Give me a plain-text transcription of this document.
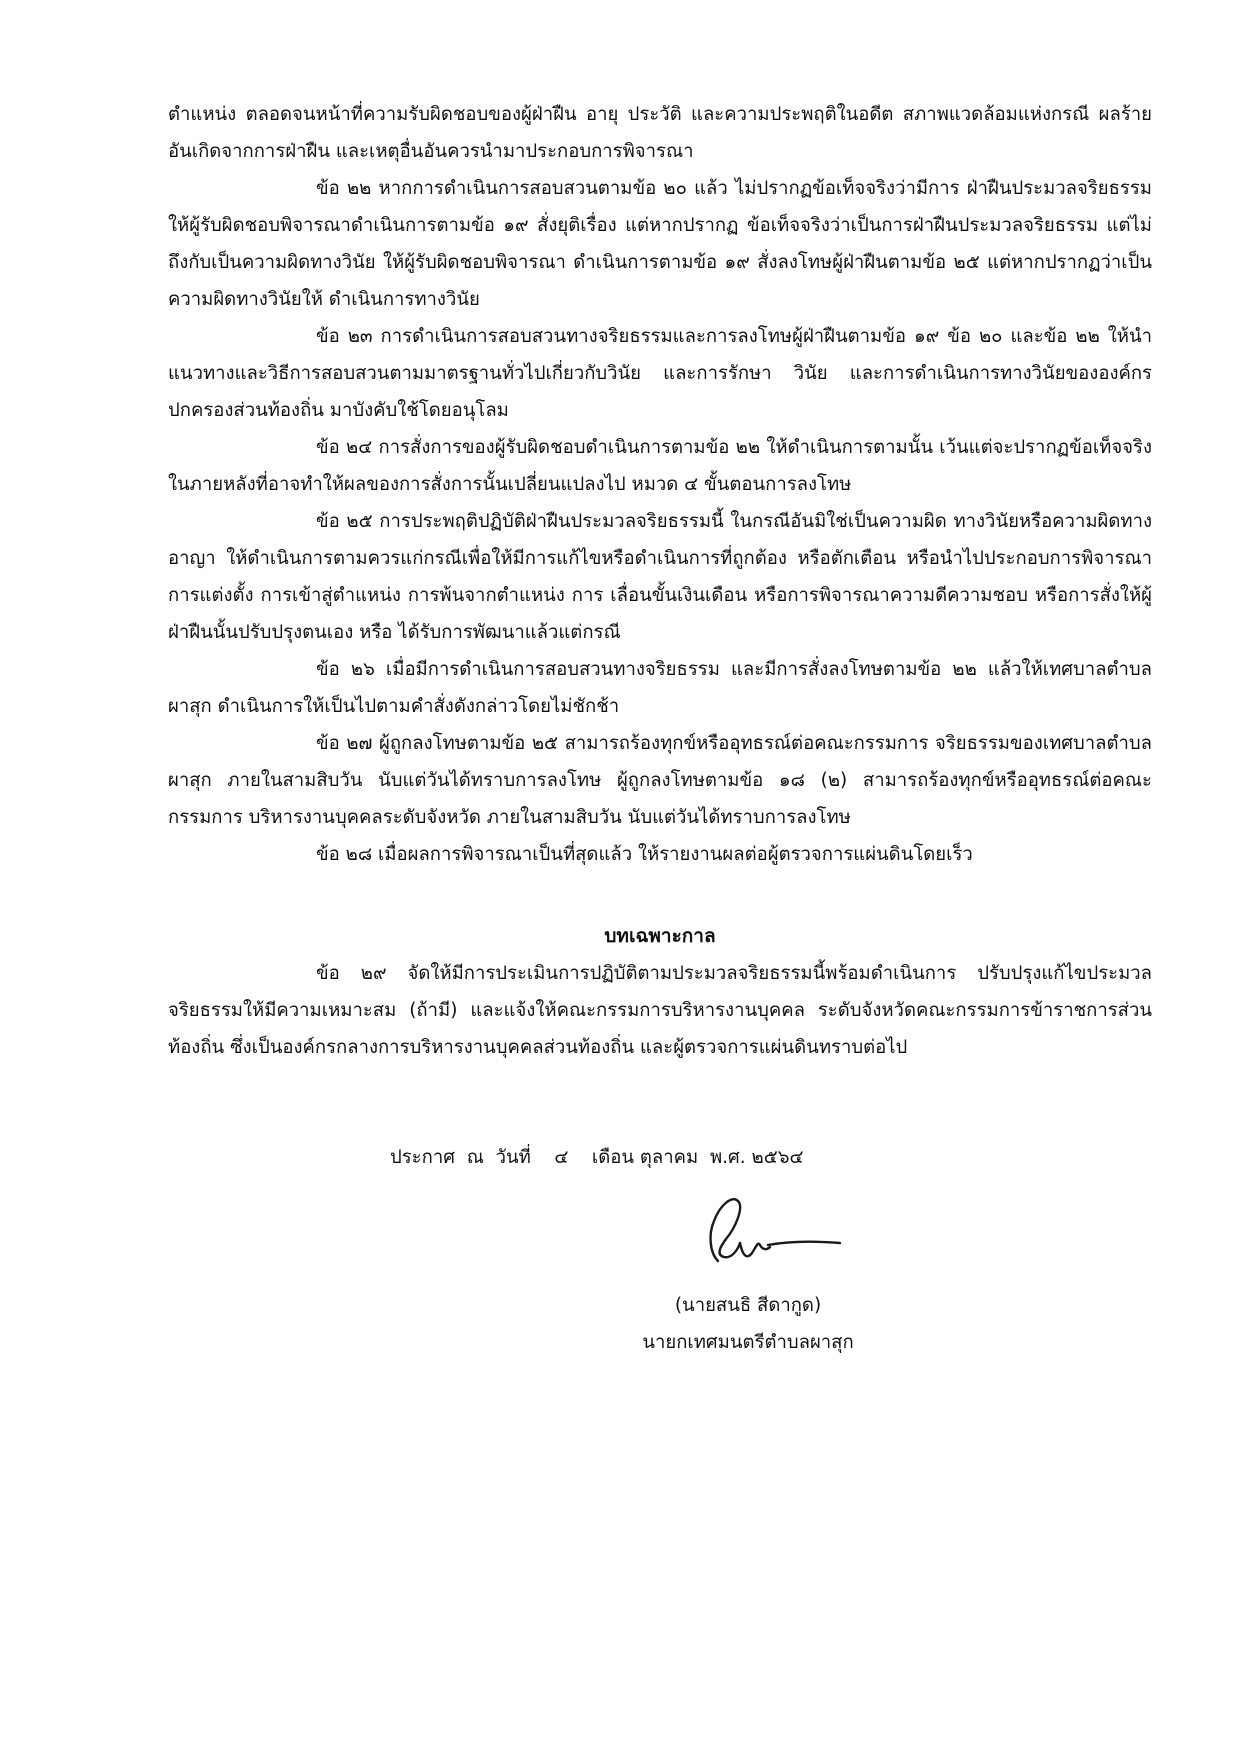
ตำแหน่ง ตลอดจนหน้าที่ความรับผิดชอบของผู้ฝ่าฝืน อายุ ประวัติ และความประพฤติในอดีต สภาพแวดล้อมแห่งกรณี ผลร้ายอันเกิดจากการฝ่าฝืน และเหตุอื่นอันควรนำมาประกอบการพิจารณา

ข้อ ๒๒ หากการดำเนินการสอบสวนตามข้อ ๒๐ แล้ว ไม่ปรากฏข้อเท็จจริงว่ามีการ ฝ่าฝืนประมวลจริยธรรม ให้ผู้รับผิดชอบพิจารณาดำเนินการตามข้อ ๑๙ สั่งยุติเรื่อง แต่หากปรากฏ ข้อเท็จจริงว่าเป็นการฝ่าฝืนประมวลจริยธรรม แต่ไม่ถึงกับเป็นความผิดทางวินัย ให้ผู้รับผิดชอบพิจารณา ดำเนินการตามข้อ ๑๙ สั่งลงโทษผู้ฝ่าฝืนตามข้อ ๒๕ แต่หากปรากฏว่าเป็นความผิดทางวินัยให้ ดำเนินการทางวินัย

ข้อ ๒๓ การดำเนินการสอบสวนทางจริยธรรมและการลงโทษผู้ฝ่าฝืนตามข้อ ๑๙ ข้อ ๒๐ และข้อ ๒๒ ให้นำแนวทางและวิธีการสอบสวนตามมาตรฐานทั่วไปเกี่ยวกับวินัย และการรักษา วินัย และการดำเนินการทางวินัยขององค์กรปกครองส่วนท้องถิ่น มาบังคับใช้โดยอนุโลม

ข้อ ๒๔ การสั่งการของผู้รับผิดชอบดำเนินการตามข้อ ๒๒ ให้ดำเนินการตามนั้น เว้นแต่จะปรากฏข้อเท็จจริงในภายหลังที่อาจทำให้ผลของการสั่งการนั้นเปลี่ยนแปลงไป หมวด ๔ ขั้นตอนการลงโทษ

ข้อ ๒๕ การประพฤติปฏิบัติฝ่าฝืนประมวลจริยธรรมนี้ ในกรณีอันมิใช่เป็นความผิด ทางวินัยหรือความผิดทางอาญา ให้ดำเนินการตามควรแก่กรณีเพื่อให้มีการแก้ไขหรือดำเนินการที่ถูกต้อง หรือตักเตือน หรือนำไปประกอบการพิจารณาการแต่งตั้ง การเข้าสู่ตำแหน่ง การพ้นจากตำแหน่ง การ เลื่อนขั้นเงินเดือน หรือการพิจารณาความดีความชอบ หรือการสั่งให้ผู้ฝ่าฝืนนั้นปรับปรุงตนเอง หรือ ได้รับการพัฒนาแล้วแต่กรณี

ข้อ ๒๖ เมื่อมีการดำเนินการสอบสวนทางจริยธรรม และมีการสั่งลงโทษตามข้อ ๒๒ แล้วให้เทศบาลตำบลผาสุก ดำเนินการให้เป็นไปตามคำสั่งดังกล่าวโดยไม่ชักช้า

ข้อ ๒๗ ผู้ถูกลงโทษตามข้อ ๒๕ สามารถร้องทุกข์หรืออุทธรณ์ต่อคณะกรรมการ จริยธรรมของเทศบาลตำบลผาสุก ภายในสามสิบวัน นับแต่วันได้ทราบการลงโทษ ผู้ถูกลงโทษตามข้อ ๑๘ (๒) สามารถร้องทุกข์หรืออุทธรณ์ต่อคณะกรรมการ บริหารงานบุคคลระดับจังหวัด ภายในสามสิบวัน นับแต่วันได้ทราบการลงโทษ

ข้อ ๒๘ เมื่อผลการพิจารณาเป็นที่สุดแล้ว ให้รายงานผลต่อผู้ตรวจการแผ่นดินโดยเร็ว

บทเฉพาะกาล

ข้อ ๒๙ จัดให้มีการประเมินการปฏิบัติตามประมวลจริยธรรมนี้พร้อมดำเนินการ ปรับปรุงแก้ไขประมวลจริยธรรมให้มีความเหมาะสม (ถ้ามี) และแจ้งให้คณะกรรมการบริหารงานบุคคล ระดับจังหวัดคณะกรรมการข้าราชการส่วนท้องถิ่น ซึ่งเป็นองค์กรกลางการบริหารงานบุคคลส่วนท้องถิ่น และผู้ตรวจการแผ่นดินทราบต่อไป

ประกาศ  ณ  วันที่    ๔    เดือน ตุลาคม  พ.ศ. ๒๕๖๔
(นายสนธิ สีดากูด)
นายกเทศมนตรีตำบลผาสุก
